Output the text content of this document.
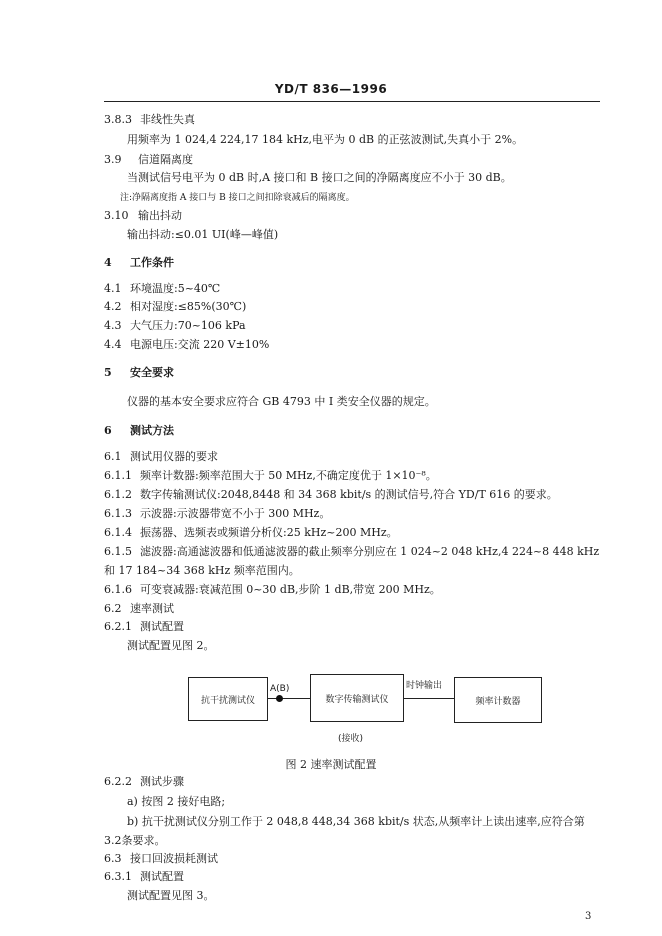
YD/T 836—1996
3.8.3 非线性失真
用频率为 1 024,4 224,17 184 kHz,电平为 0 dB 的正弦波测试,失真小于 2%。
3.9 信道隔离度
当测试信号电平为 0 dB 时,A 接口和 B 接口之间的净隔离度应不小于 30 dB。
注:净隔离度指 A 接口与 B 接口之间扣除衰减后的隔离度。
3.10 输出抖动
输出抖动:≤0.01 UI(峰—峰值)
4 工作条件
4.1 环境温度:5~40℃
4.2 相对湿度:≤85%(30℃)
4.3 大气压力:70~106 kPa
4.4 电源电压:交流 220 V±10%
5 安全要求
仪器的基本安全要求应符合 GB 4793 中 I 类安全仪器的规定。
6 测试方法
6.1 测试用仪器的要求
6.1.1 频率计数器:频率范围大于 50 MHz,不确定度优于 1×10⁻⁸。
6.1.2 数字传输测试仪:2048,8448 和 34 368 kbit/s 的测试信号,符合 YD/T 616 的要求。
6.1.3 示波器:示波器带宽不小于 300 MHz。
6.1.4 振荡器、选频表或频谱分析仪:25 kHz~200 MHz。
6.1.5 滤波器:高通滤波器和低通滤波器的截止频率分别应在 1 024~2 048 kHz,4 224~8 448 kHz
和 17 184~34 368 kHz 频率范围内。
6.1.6 可变衰减器:衰减范围 0~30 dB,步阶 1 dB,带宽 200 MHz。
6.2 速率测试
6.2.1 测试配置
测试配置见图 2。
抗干扰测试仪
A(B)
数字传输测试仪
时钟输出
频率计数器
(接收)
图 2 速率测试配置
6.2.2 测试步骤
a) 按图 2 接好电路;
b) 抗干扰测试仪分别工作于 2 048,8 448,34 368 kbit/s 状态,从频率计上读出速率,应符合第
3.2条要求。
6.3 接口回波损耗测试
6.3.1 测试配置
测试配置见图 3。
3
